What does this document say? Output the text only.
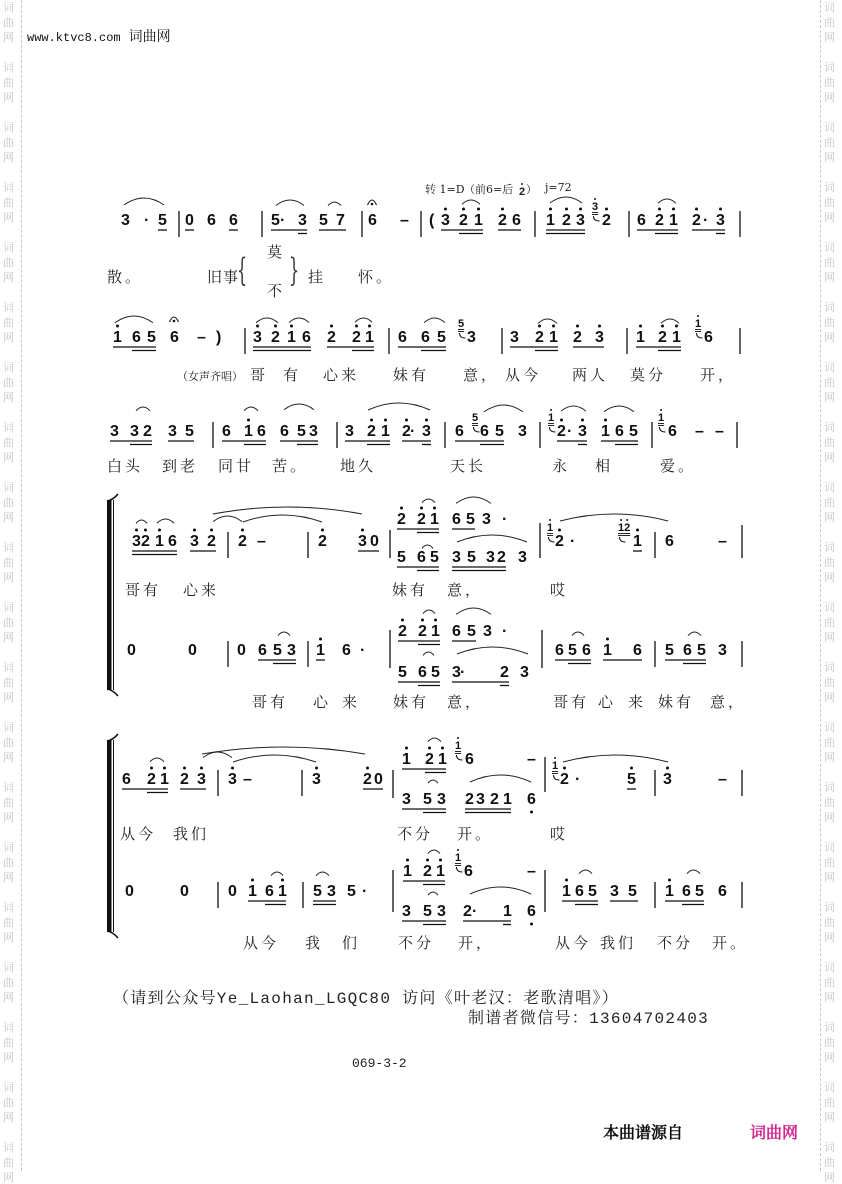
词
曲
网
词
曲
网
词
曲
网
词
曲
网
词
曲
网
词
曲
网
词
曲
网
词
曲
网
词
曲
网
词
曲
网
词
曲
网
词
曲
网
词
曲
网
词
曲
网
词
曲
网
词
曲
网
词
曲
网
词
曲
网
词
曲
网
词
曲
网
词
曲
网
词
曲
网
词
曲
网
词
曲
网
词
曲
网
词
曲
网
词
曲
网
词
曲
网
词
曲
网
词
曲
网
词
曲
网
词
曲
网
词
曲
网
词
曲
网
词
曲
网
词
曲
网
词
曲
网
词
曲
网
词
曲
网
词
曲
网
www.ktvc8.com 词曲网
转 1=D （前6=后 2 ） j=72
3 · 5 0 6 6 5 · 3 5 7 6 – ( 3 2 1 2 6 1 2 3 2 6 2 1 2 · 3
3
散。	旧
事
{ 莫
不
} 挂 怀。
1 6 5 6 – ) 3 2 1 6 2 2 1 6 6 5 3 3 2 1 2 3 1 2 1 6
5	1
（女声齐唱） 哥 有 心来 妹有 意， 从今 两人 莫分 开，
3 3 2 3 5 6 1 6 6 5 3 3 2 1 2 · 3 6 6 5 3 2 · 3 1 6 5 6 – –
5	1	1
白头 到老 同甘 苦。 地久	天长	永 相	爱。
3 2 1 6 3 2 2 –	2 3 0	2 ·	1 6	–
1	12
2 2 1 6 5 3 ·
5 6 5 3 5 3 2 3
0	0	0 6 5 3 1 6 ·	6 5 6 1 6 5 6 5 3
2 2 1 6 5 3 ·
5 6 5 3 · 2 3
哥有 心来	妹有 意，	哎
哥有 心 来 妹有 意，	哥有 心 来 妹有 意，
6 2 1 2 3 3 –	3	2 0	2 ·	5 3	–
1
1 2 1 6	–
1
3 5 3 2 3 2 1 6
0	0 0 1 6 1 5 3 5 ·	1 6 5 3 5 1 6 5 6
1 2 1 6	–
1
3 5 3 2 · 1 6
从今 我们	不分 开。	哎
从今 我 们	不分 开，	从今 我们 不分 开。
（请到公众号Ye_Laohan_LGQC80 访问《叶老汉：老歌清唱》）
制谱者微信号：13604702403
069-3-2
本曲谱源自	词曲网
